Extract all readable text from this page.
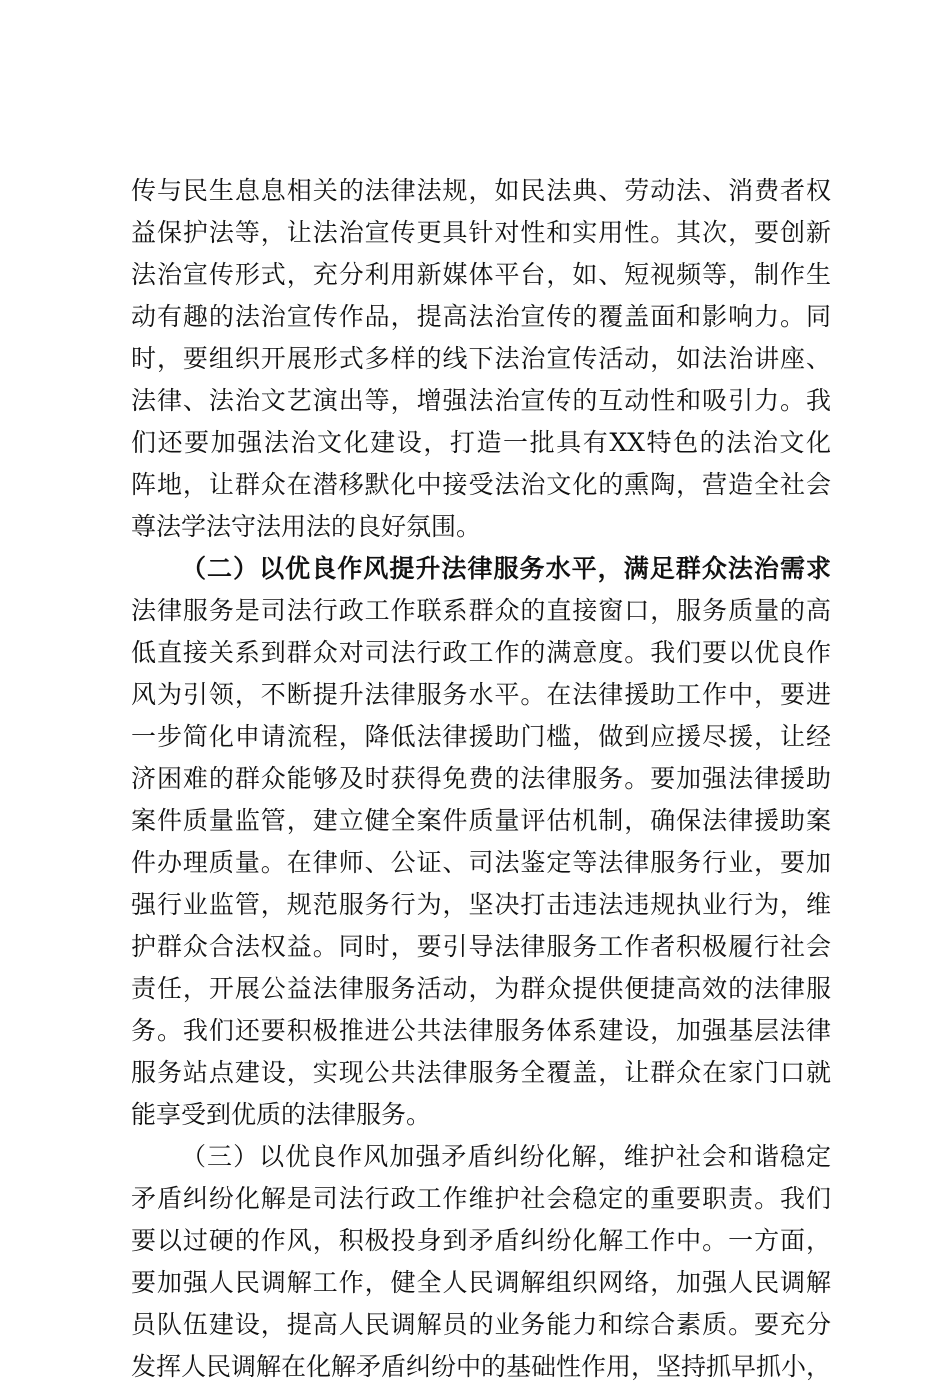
传与民生息息相关的法律法规，如民法典、劳动法、消费者权
益保护法等，让法治宣传更具针对性和实用性。其次，要创新
法治宣传形式，充分利用新媒体平台，如、短视频等，制作生
动有趣的法治宣传作品，提高法治宣传的覆盖面和影响力。同
时，要组织开展形式多样的线下法治宣传活动，如法治讲座、
法律、法治文艺演出等，增强法治宣传的互动性和吸引力。我
们还要加强法治文化建设，打造一批具有XX特色的法治文化
阵地，让群众在潜移默化中接受法治文化的熏陶，营造全社会
尊法学法守法用法的良好氛围。
（二）以优良作风提升法律服务水平，满足群众法治需求
法律服务是司法行政工作联系群众的直接窗口，服务质量的高
低直接关系到群众对司法行政工作的满意度。我们要以优良作
风为引领，不断提升法律服务水平。在法律援助工作中，要进
一步简化申请流程，降低法律援助门槛，做到应援尽援，让经
济困难的群众能够及时获得免费的法律服务。要加强法律援助
案件质量监管，建立健全案件质量评估机制，确保法律援助案
件办理质量。在律师、公证、司法鉴定等法律服务行业，要加
强行业监管，规范服务行为，坚决打击违法违规执业行为，维
护群众合法权益。同时，要引导法律服务工作者积极履行社会
责任，开展公益法律服务活动，为群众提供便捷高效的法律服
务。我们还要积极推进公共法律服务体系建设，加强基层法律
服务站点建设，实现公共法律服务全覆盖，让群众在家门口就
能享受到优质的法律服务。
（三）以优良作风加强矛盾纠纷化解，维护社会和谐稳定
矛盾纠纷化解是司法行政工作维护社会稳定的重要职责。我们
要以过硬的作风，积极投身到矛盾纠纷化解工作中。一方面，
要加强人民调解工作，健全人民调解组织网络，加强人民调解
员队伍建设，提高人民调解员的业务能力和综合素质。要充分
发挥人民调解在化解矛盾纠纷中的基础性作用，坚持抓早抓小，
